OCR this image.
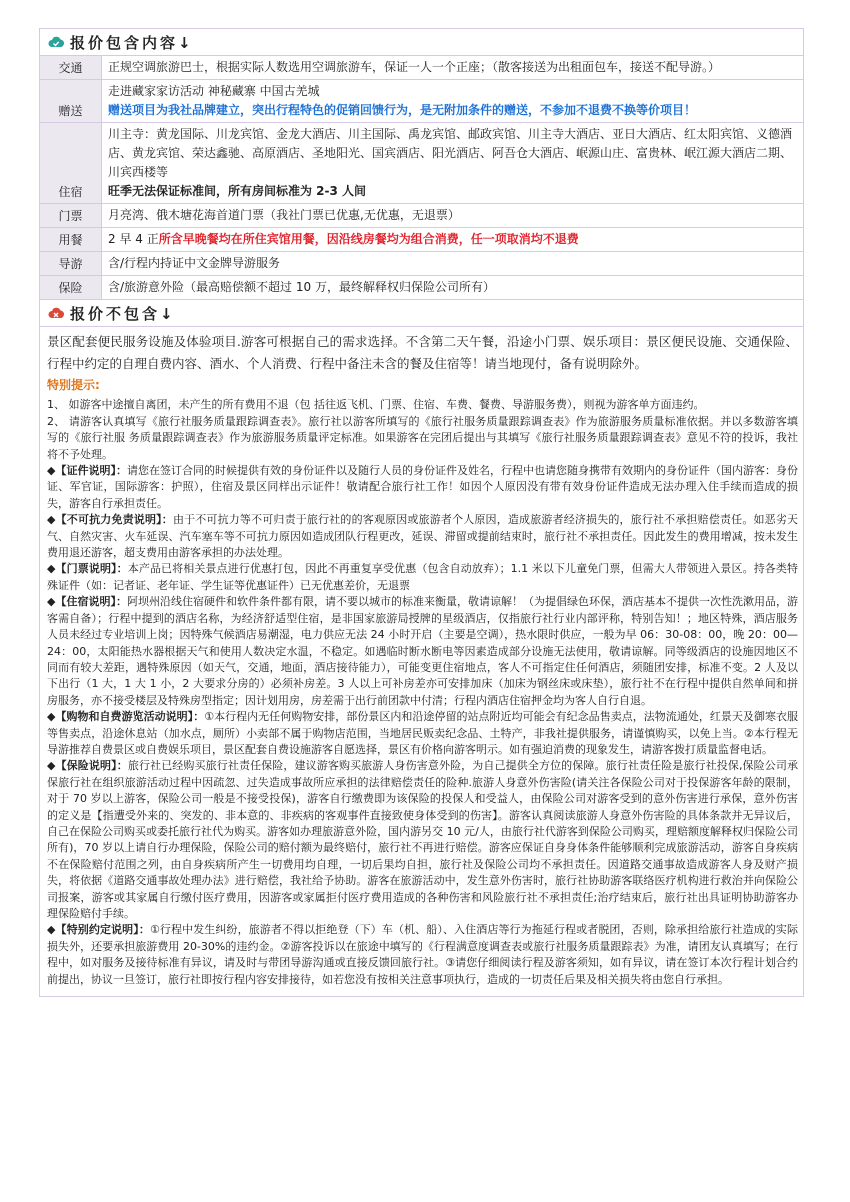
报价包含内容↓
交通	正规空调旅游巴士，根据实际人数选用空调旅游车，保证一人一个正座；（散客接送为出租面包车，接送不配导游。）

赠送	走进藏家家访活动 神秘藏寨 中国古羌城
赠送项目为我社品牌建立，突出行程特色的促销回馈行为，是无附加条件的赠送，不参加不退费不换等价项目！

住宿	川主寺：黄龙国际、川龙宾馆、金龙大酒店、川主国际、禹龙宾馆、邮政宾馆、川主寺大酒店、亚日大酒店、红太阳宾馆、义德酒店、黄龙宾馆、荣达鑫驰、高原酒店、圣地阳光、国宾酒店、阳光酒店、阿吾仓大酒店、岷源山庄、富贵林、岷江源大酒店二期、川宾西楼等
旺季无法保证标准间，所有房间标准为 2-3 人间

门票	月亮湾、俄木塘花海首道门票（我社门票已优惠,无优惠，无退票）

用餐	2 早 4 正所含早晚餐均在所住宾馆用餐，因沿线房餐均为组合消费，任一项取消均不退费

导游	含/行程内持证中文金牌导游服务

保险	含/旅游意外险（最高赔偿额不超过 10 万，最终解释权归保险公司所有）
报价不包含↓

景区配套便民服务设施及体验项目.游客可根据自己的需求选择。不含第二天午餐，沿途小门票、娱乐项目：景区便民设施、交通保险、行程中约定的自理自费内容、酒水、个人消费、行程中备注未含的餐及住宿等！请当地现付，备有说明除外。

特别提示:

1、 如游客中途擅自离团，未产生的所有费用不退（包 括往返飞机、门票、住宿、车费、餐费、导游服务费），则视为游客单方面违约。

2、 请游客认真填写《旅行社服务质量跟踪调查表》。旅行社以游客所填写的《旅行社服务质量跟踪调查表》作为旅游服务质量标准依据。并以多数游客填写的《旅行社服 务质量跟踪调查表》作为旅游服务质量评定标准。如果游客在完团后提出与其填写《旅行社服务质量跟踪调查表》意见不符的投诉，我社将不予处理。

◆【证件说明】：请您在签订合同的时候提供有效的身份证件以及随行人员的身份证件及姓名，行程中也请您随身携带有效期内的身份证件（国内游客：身份证、军官证，国际游客：护照），住宿及景区同样出示证件！敬请配合旅行社工作！如因个人原因没有带有效身份证件造成无法办理入住手续而造成的损失，游客自行承担责任。

◆【不可抗力免责说明】：由于不可抗力等不可归责于旅行社的的客观原因或旅游者个人原因，造成旅游者经济损失的，旅行社不承担赔偿责任。如恶劣天气、自然灾害、火车延误、汽车塞车等不可抗力原因如造成团队行程更改，延误、滞留或提前结束时，旅行社不承担责任。因此发生的费用增减，按未发生费用退还游客，超支费用由游客承担的办法处理。

◆【门票说明】：本产品已将相关景点进行优惠打包，因此不再重复享受优惠（包含自动放弃）；1.1 米以下儿童免门票，但需大人带领进入景区。持各类特殊证件（如：记者证、老年证、学生证等优惠证件）已无优惠差价，无退票

◆【住宿说明】：阿坝州沿线住宿硬件和软件条件都有限，请不要以城市的标准来衡量，敬请谅解！（为提倡绿色环保，酒店基本不提供一次性洗漱用品，游客需自备）；行程中提到的酒店名称，为经济舒适型住宿，是非国家旅游局授牌的星级酒店，仅指旅行社行业内部评称，特别告知！；地区特殊，酒店服务人员未经过专业培训上岗；因特殊气候酒店易潮湿，电力供应无法 24 小时开启（主要是空调），热水限时供应，一般为早 06：30-08：00，晚 20：00—24：00，太阳能热水器根据天气和使用人数决定水温，不稳定。如遇临时断水断电等因素造成部分设施无法使用，敬请谅解。同等级酒店的设施因地区不同而有较大差距，遇特殊原因（如天气，交通，地面，酒店接待能力），可能变更住宿地点，客人不可指定住任何酒店，须随团安排，标准不变。2 人及以下出行（1 大，1 大 1 小，2 大要求分房的）必须补房差。3 人以上可补房差亦可安排加床（加床为钢丝床或床垫），旅行社不在行程中提供自然单间和拼房服务，亦不接受楼层及特殊房型指定；因计划用房，房差需于出行前团款中付清；行程内酒店住宿押金均为客人自行自退。

◆【购物和自费游览活动说明】：①本行程内无任何购物安排，部份景区内和沿途停留的站点附近均可能会有纪念品售卖点，法物流通处，红景天及御寒衣服等售卖点，沿途休息站（加水点，厕所）小卖部不属于购物店范围，当地居民贩卖纪念品、土特产，非我社提供服务，请谨慎购买，以免上当。②本行程无导游推荐自费景区或自费娱乐项目，景区配套自费设施游客自愿选择，景区有价格向游客明示。如有强迫消费的现象发生，请游客拨打质量监督电话。

◆【保险说明】：旅行社已经购买旅行社责任保险，建议游客购买旅游人身伤害意外险，为自己提供全方位的保障。旅行社责任险是旅行社投保,保险公司承保旅行社在组织旅游活动过程中因疏忽、过失造成事故所应承担的法律赔偿责任的险种.旅游人身意外伤害险(请关注各保险公司对于投保游客年龄的限制，对于 70 岁以上游客，保险公司一般是不接受投保)，游客自行缴费即为该保险的投保人和受益人，由保险公司对游客受到的意外伤害进行承保，意外伤害的定义是【指遭受外来的、突发的、非本意的、非疾病的客观事件直接致使身体受到的伤害】。游客认真阅读旅游人身意外伤害险的具体条款并无异议后，自己在保险公司购买或委托旅行社代为购买。游客如办理旅游意外险，国内游另交 10 元/人，由旅行社代游客到保险公司购买，理赔额度解释权归保险公司所有)，70 岁以上请自行办理保险，保险公司的赔付额为最终赔付，旅行社不再进行赔偿。游客应保证自身身体条件能够顺利完成旅游活动，游客自身疾病不在保险赔付范围之列，由自身疾病所产生一切费用均自理，一切后果均自担，旅行社及保险公司均不承担责任。因道路交通事故造成游客人身及财产损失，将依据《道路交通事故处理办法》进行赔偿，我社给予协助。游客在旅游活动中，发生意外伤害时，旅行社协助游客联络医疗机构进行救治并向保险公司报案，游客或其家属自行缴付医疗费用，因游客或家属拒付医疗费用造成的各种伤害和风险旅行社不承担责任;治疗结束后，旅行社出具证明协助游客办理保险赔付手续。

◆【特别约定说明】：①行程中发生纠纷，旅游者不得以拒绝登（下）车（机、船）、入住酒店等行为拖延行程或者脱团，否则，除承担给旅行社造成的实际损失外，还要承担旅游费用 20-30%的违约金。②游客投诉以在旅途中填写的《行程满意度调查表或旅行社服务质量跟踪表》为准，请团友认真填写；在行程中，如对服务及接待标准有异议，请及时与带团导游沟通或直接反馈回旅行社。③请您仔细阅读行程及游客须知，如有异议，请在签订本次行程计划合约前提出，协议一旦签订，旅行社即按行程内容安排接待，如若您没有按相关注意事项执行，造成的一切责任后果及相关损失将由您自行承担。
